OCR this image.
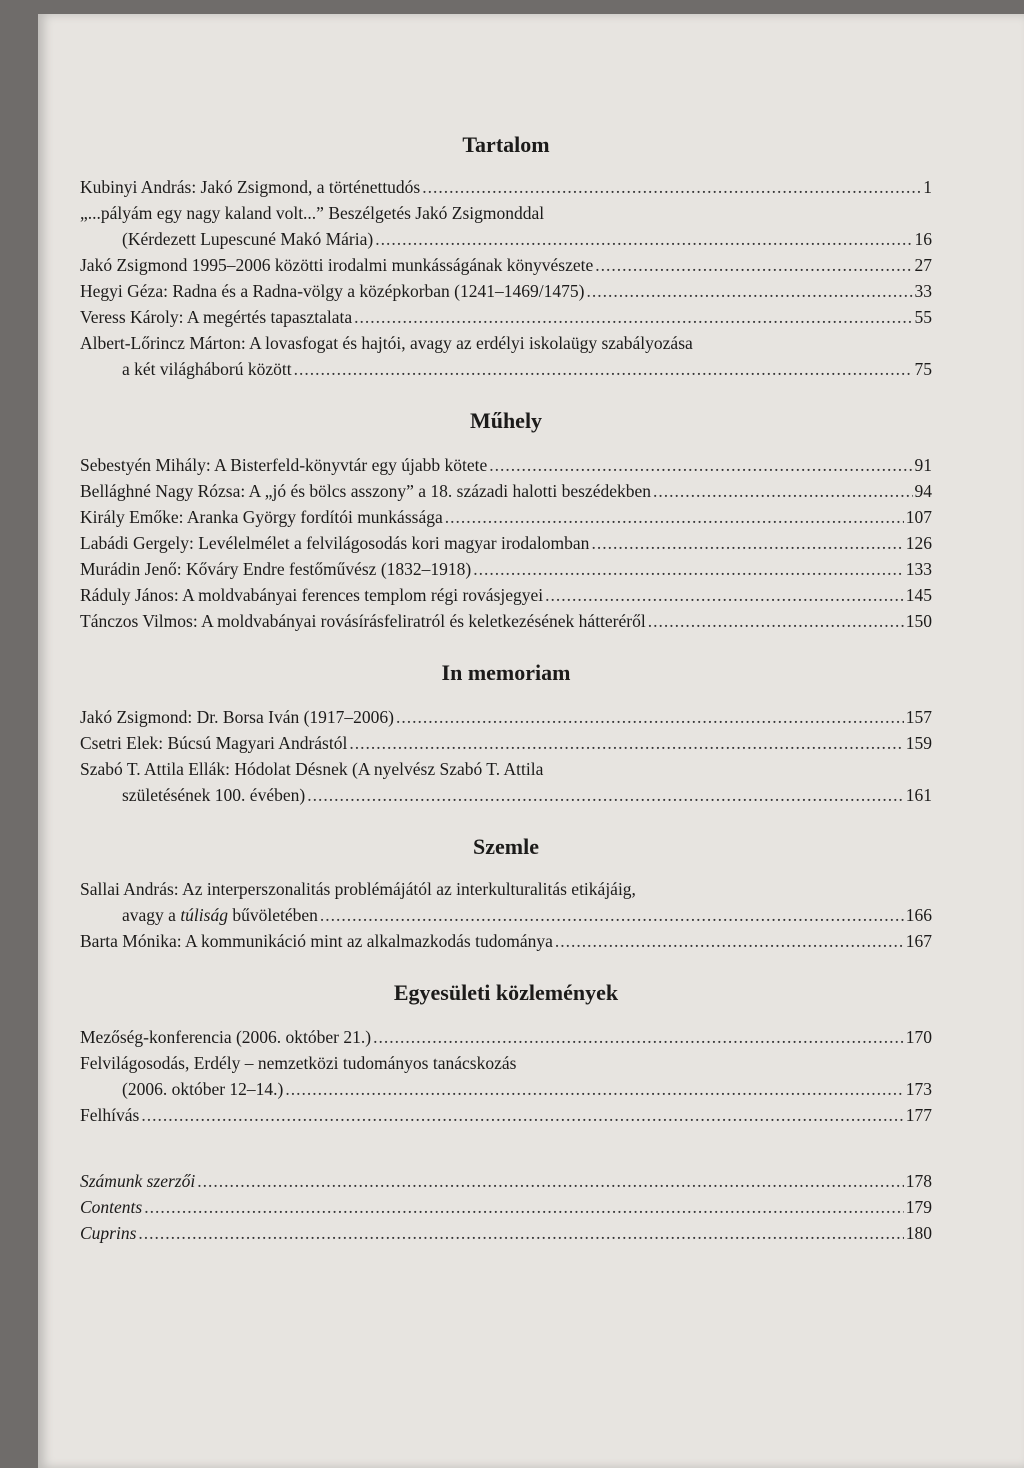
Tartalom
Kubinyi András: Jakó Zsigmond, a történettudós .....	1
„...pályám egy nagy kaland volt...” Beszélgetés Jakó Zsigmonddal
(Kérdezett Lupescuné Makó Mária) .....	16
Jakó Zsigmond 1995–2006 közötti irodalmi munkásságának könyvészete .....	27
Hegyi Géza: Radna és a Radna-völgy a középkorban (1241–1469/1475) .....	33
Veress Károly: A megértés tapasztalata .....	55
Albert-Lőrincz Márton: A lovasfogat és hajtói, avagy az erdélyi iskolaügy szabályozása
a két világháború között .....	75
Műhely
Sebestyén Mihály: A Bisterfeld-könyvtár egy újabb kötete .....	91
Bellághné Nagy Rózsa: A „jó és bölcs asszony” a 18. századi halotti beszédekben .....	94
Király Emőke: Aranka György fordítói munkássága .....	107
Labádi Gergely: Levélelmélet a felvilágosodás kori magyar irodalomban .....	126
Murádin Jenő: Kőváry Endre festőművész (1832–1918) .....	133
Ráduly János: A moldvabányai ferences templom régi rovásjegyei .....	145
Tánczos Vilmos: A moldvabányai rovásírásfeliratról és keletkezésének hátteréről .....	150
In memoriam
Jakó Zsigmond: Dr. Borsa Iván (1917–2006) .....	157
Csetri Elek: Búcsú Magyari Andrástól .....	159
Szabó T. Attila Ellák: Hódolat Désnek (A nyelvész Szabó T. Attila
születésének 100. évében) .....	161
Szemle
Sallai András: Az interperszonalitás problémájától az interkulturalitás etikájáig,
avagy a túliság bűvöletében .....	166
Barta Mónika: A kommunikáció mint az alkalmazkodás tudománya .....	167
Egyesületi közlemények
Mezőség-konferencia (2006. október 21.) .....	170
Felvilágosodás, Erdély – nemzetközi tudományos tanácskozás
(2006. október 12–14.) .....	173
Felhívás .....	177
Számunk szerzői .....	178
Contents .....	179
Cuprins .....	180
